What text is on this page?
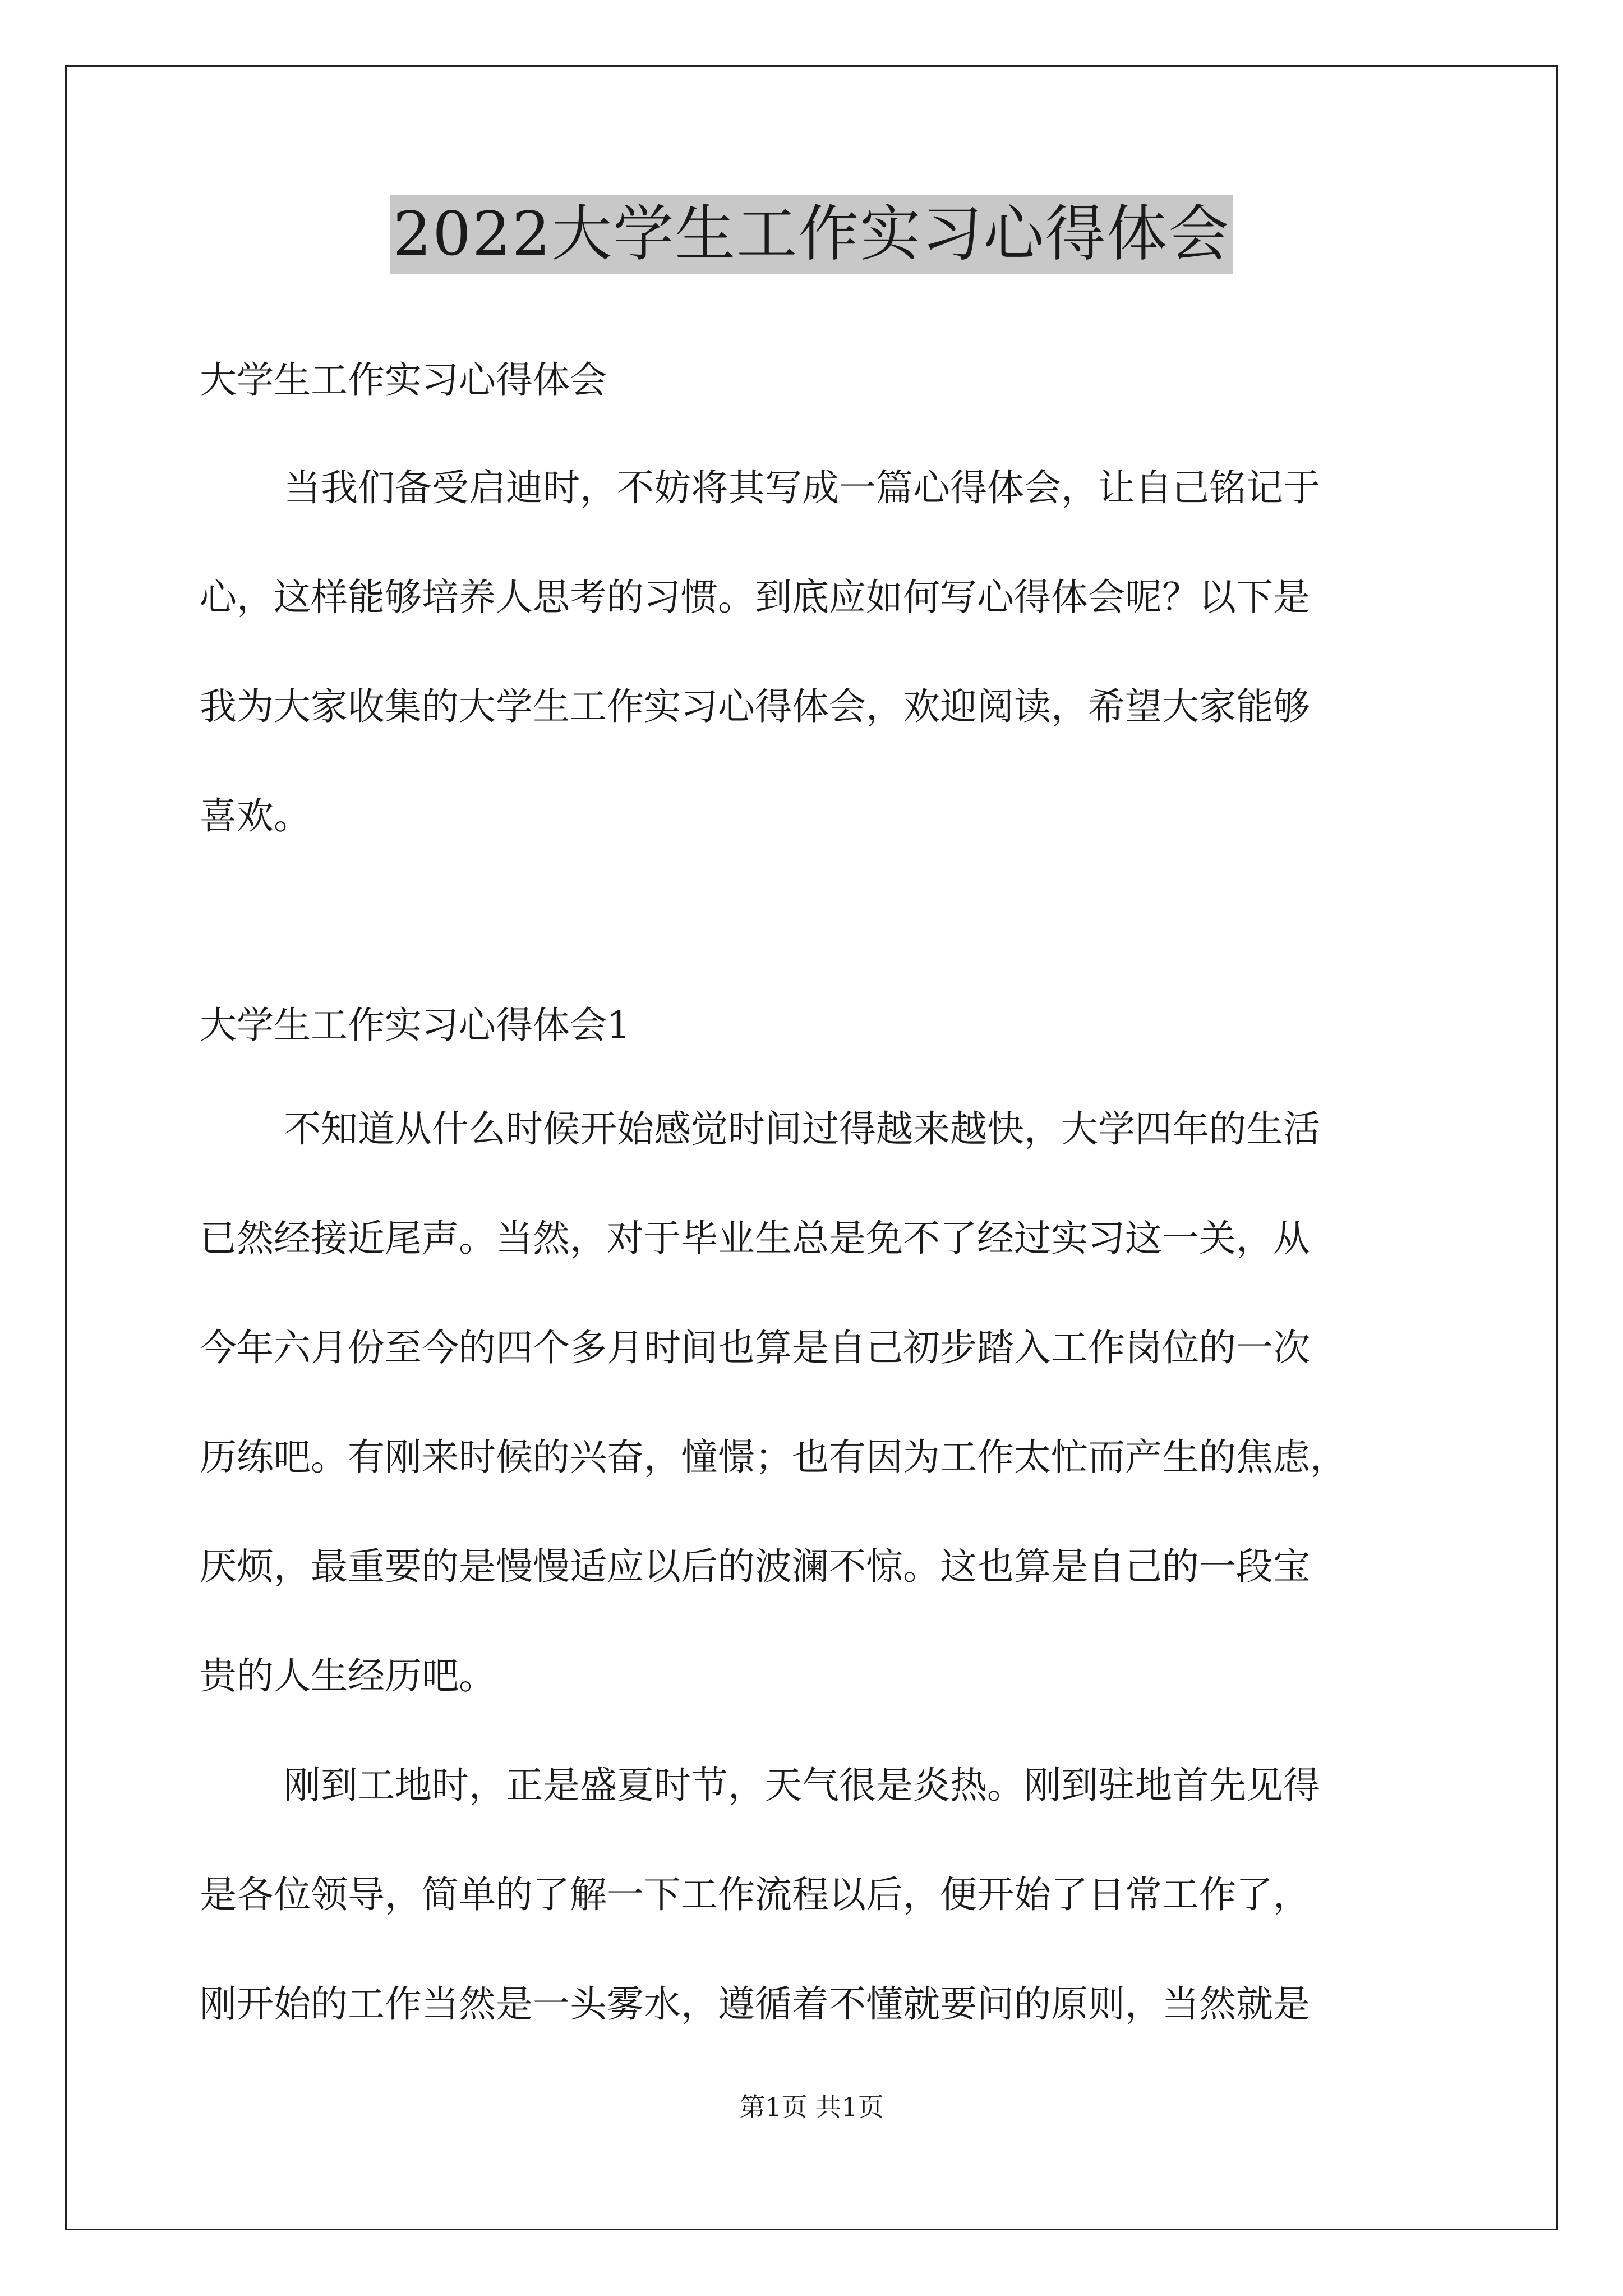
2022大学生工作实习心得体会
大学生工作实习心得体会
当我们备受启迪时，不妨将其写成一篇心得体会，让自己铭记于
心，这样能够培养人思考的习惯。到底应如何写心得体会呢？以下是
我为大家收集的大学生工作实习心得体会，欢迎阅读，希望大家能够
喜欢。
大学生工作实习心得体会1
不知道从什么时候开始感觉时间过得越来越快，大学四年的生活
已然经接近尾声。当然，对于毕业生总是免不了经过实习这一关，从
今年六月份至今的四个多月时间也算是自己初步踏入工作岗位的一次
历练吧。有刚来时候的兴奋，憧憬；也有因为工作太忙而产生的焦虑，
厌烦，最重要的是慢慢适应以后的波澜不惊。这也算是自己的一段宝
贵的人生经历吧。
刚到工地时，正是盛夏时节，天气很是炎热。刚到驻地首先见得
是各位领导，简单的了解一下工作流程以后，便开始了日常工作了，
刚开始的工作当然是一头雾水，遵循着不懂就要问的原则，当然就是
第1页 共1页
